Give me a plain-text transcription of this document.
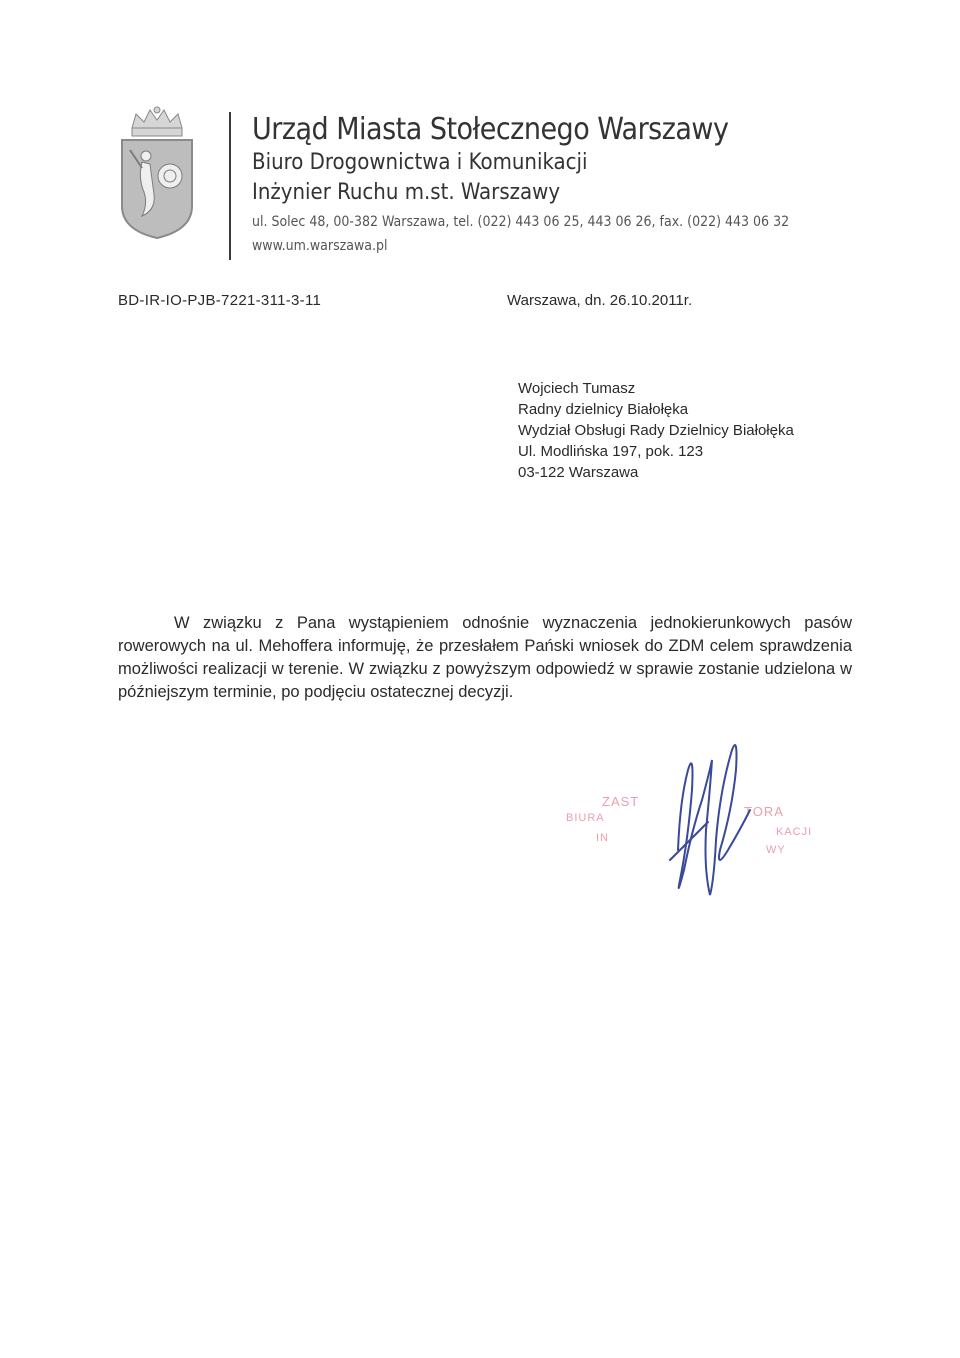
Urząd Miasta Stołecznego Warszawy
Biuro Drogownictwa i Komunikacji
Inżynier Ruchu m.st. Warszawy
ul. Solec 48, 00-382 Warszawa, tel. (022) 443 06 25, 443 06 26, fax. (022) 443 06 32
www.um.warszawa.pl
BD-IR-IO-PJB-7221-311-3-11	Warszawa, dn. 26.10.2011r.
Wojciech Tumasz
Radny dzielnicy Białołęka
Wydział Obsługi Rady Dzielnicy Białołęka
Ul. Modlińska 197, pok. 123
03-122 Warszawa
W związku z Pana wystąpieniem odnośnie wyznaczenia jednokierunkowych pasów rowerowych na ul. Mehoffera informuję, że przesłałem Pański wniosek do ZDM celem sprawdzenia możliwości realizacji w terenie. W związku z powyższym odpowiedź w sprawie zostanie udzielona w późniejszym terminie, po podjęciu ostatecznej decyzji.
ZAST
TORA
BIURA
KACJI
IN
WY
